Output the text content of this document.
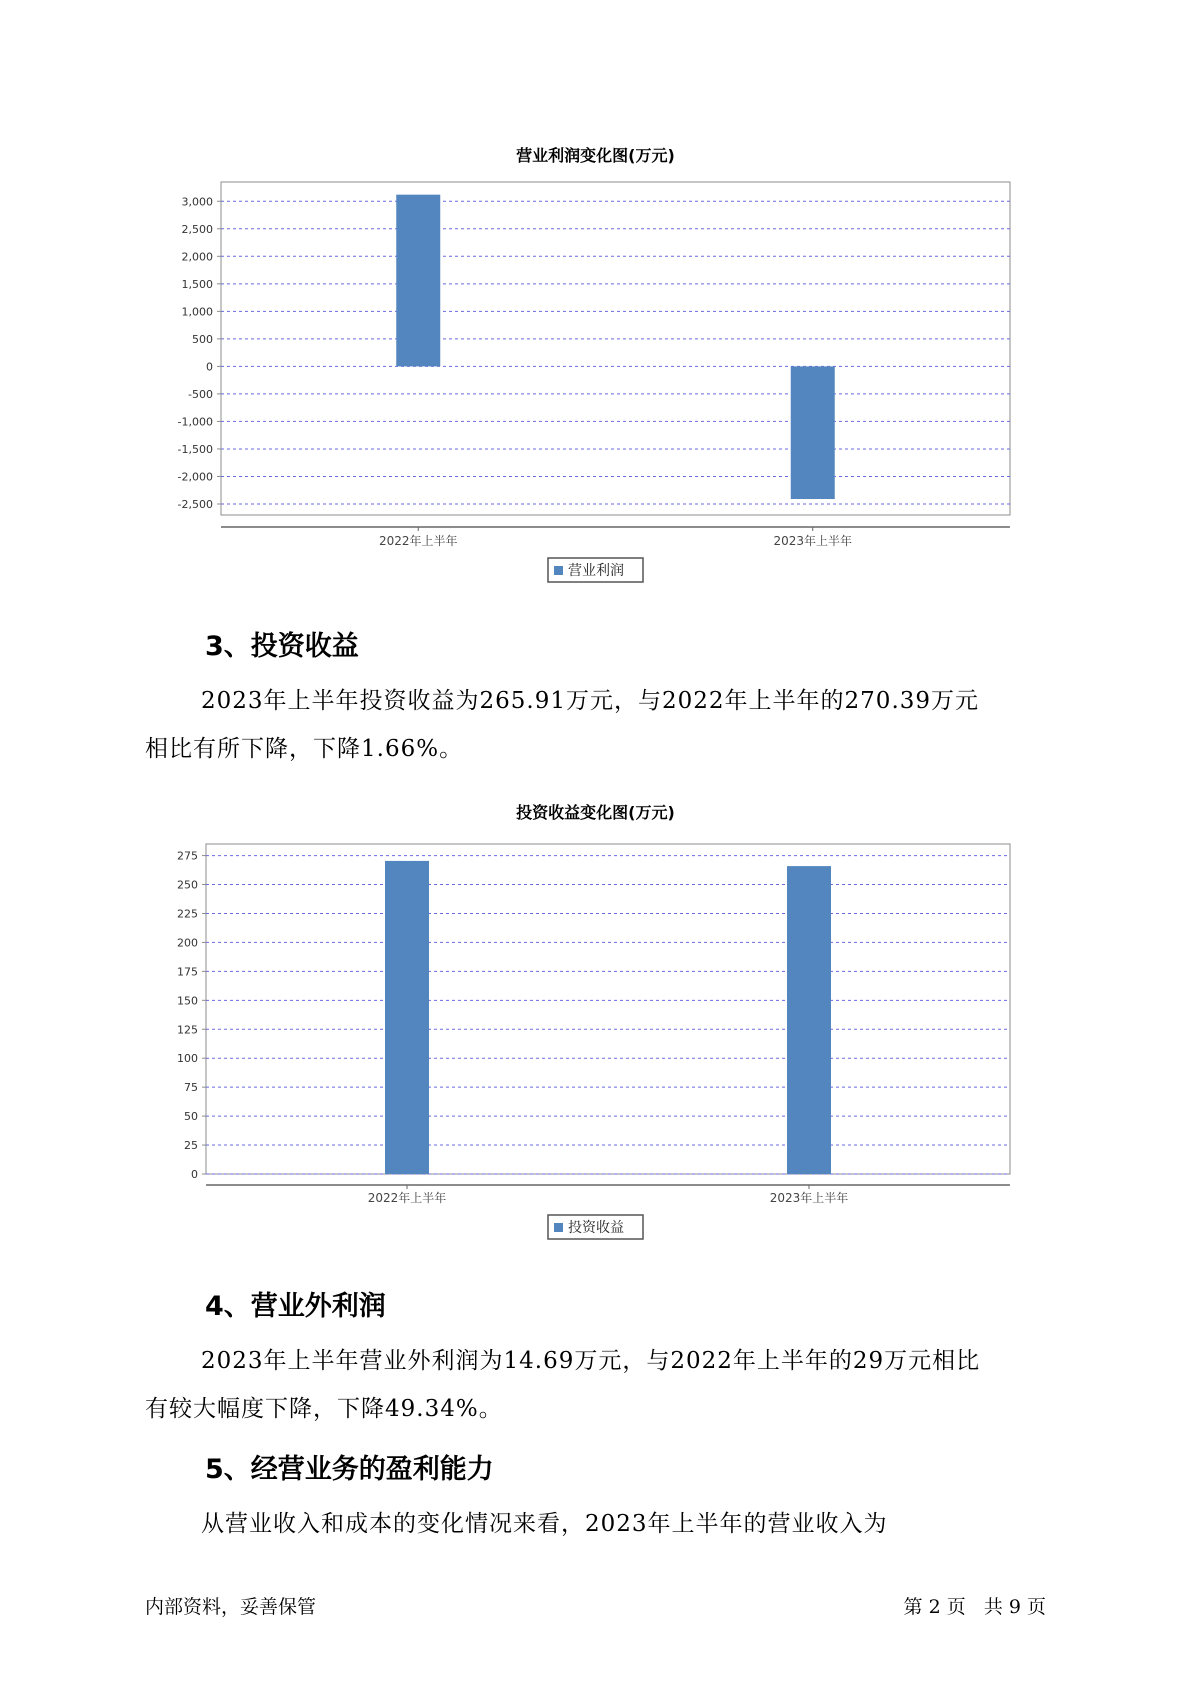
营业利润变化图(万元)
3,000
2,500
2,000
1,500
1,000
500
0
-500
-1,000
-1,500
-2,000
-2,500
2022年上半年	2023年上半年
营业利润
3、投资收益
2023年上半年投资收益为265.91万元，与2022年上半年的270.39万元
相比有所下降，下降1.66%。
投资收益变化图(万元)
275
250
225
200
175
150
125
100
75
50
25
0
2022年上半年	2023年上半年
投资收益
4、营业外利润
2023年上半年营业外利润为14.69万元，与2022年上半年的29万元相比
有较大幅度下降，下降49.34%。
5、经营业务的盈利能力
从营业收入和成本的变化情况来看，2023年上半年的营业收入为
内部资料，妥善保管	第 2 页   共 9 页
